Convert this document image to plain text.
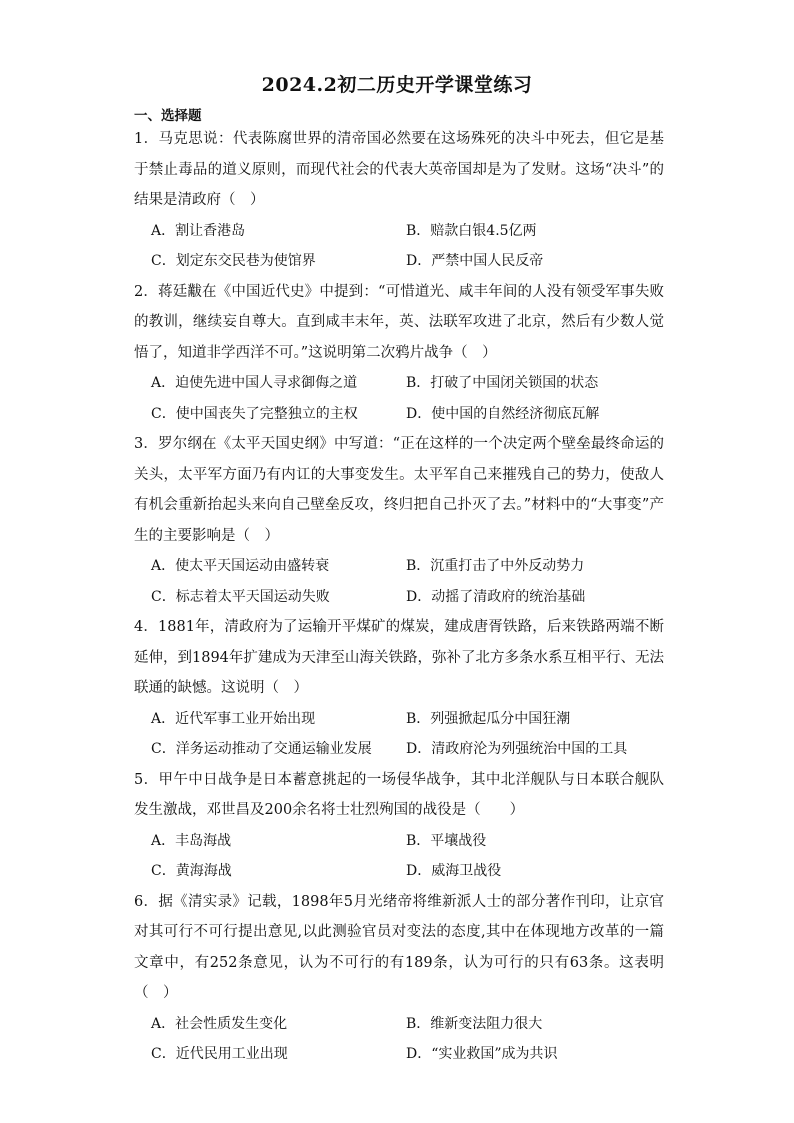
2024.2初二历史开学课堂练习
一、选择题

1．马克思说：代表陈腐世界的清帝国必然要在这场殊死的决斗中死去，但它是基于禁止毒品的道义原则，而现代社会的代表大英帝国却是为了发财。这场“决斗”的结果是清政府（　）

A．割让香港岛	B．赔款白银4.5亿两
C．划定东交民巷为使馆界	D．严禁中国人民反帝

2．蒋廷黻在《中国近代史》中提到：“可惜道光、咸丰年间的人没有领受军事失败的教训，继续妄自尊大。直到咸丰末年，英、法联军攻进了北京，然后有少数人觉悟了，知道非学西洋不可。”这说明第二次鸦片战争（　）

A．迫使先进中国人寻求御侮之道	B．打破了中国闭关锁国的状态
C．使中国丧失了完整独立的主权	D．使中国的自然经济彻底瓦解

3．罗尔纲在《太平天国史纲》中写道：“正在这样的一个决定两个壁垒最终命运的关头，太平军方面乃有内讧的大事变发生。太平军自己来摧残自己的势力，使敌人有机会重新抬起头来向自己壁垒反攻，终归把自己扑灭了去。”材料中的“大事变”产生的主要影响是（　）

A．使太平天国运动由盛转衰	B．沉重打击了中外反动势力
C．标志着太平天国运动失败	D．动摇了清政府的统治基础

4．1881年，清政府为了运输开平煤矿的煤炭，建成唐胥铁路，后来铁路两端不断延伸，到1894年扩建成为天津至山海关铁路，弥补了北方多条水系互相平行、无法联通的缺憾。这说明（　）

A．近代军事工业开始出现	B．列强掀起瓜分中国狂潮
C．洋务运动推动了交通运输业发展	D．清政府沦为列强统治中国的工具

5．甲午中日战争是日本蓄意挑起的一场侵华战争，其中北洋舰队与日本联合舰队发生激战，邓世昌及200余名将士壮烈殉国的战役是（　　）

A．丰岛海战	B．平壤战役
C．黄海海战	D．威海卫战役

6．据《清实录》记载，1898年5月光绪帝将维新派人士的部分著作刊印，让京官对其可行不可行提出意见,以此测验官员对变法的态度,其中在体现地方改革的一篇文章中，有252条意见，认为不可行的有189条，认为可行的只有63条。这表明（　）

A．社会性质发生变化	B．维新变法阻力很大
C．近代民用工业出现	D．“实业救国”成为共识
